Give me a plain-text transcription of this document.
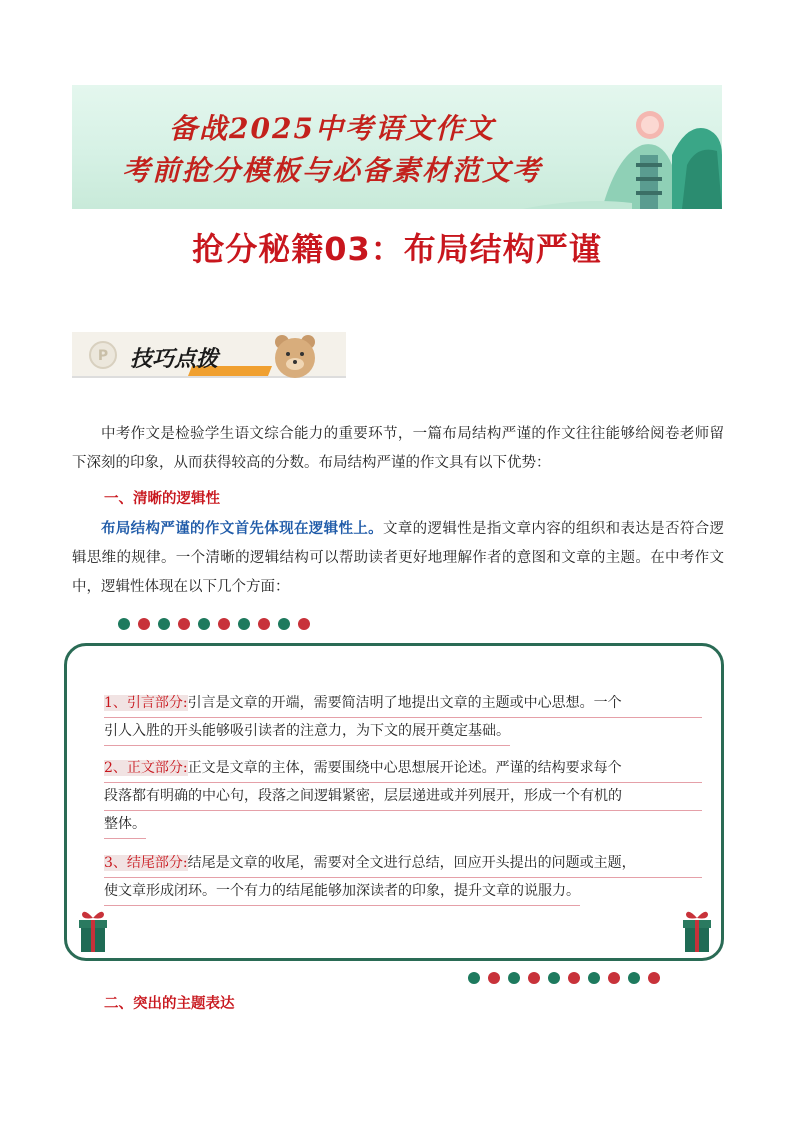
备战2025中考语文作文
考前抢分模板与必备素材范文考
抢分秘籍03：布局结构严谨
P 技巧点拨
中考作文是检验学生语文综合能力的重要环节，一篇布局结构严谨的作文往往能够给阅卷老师留下深刻的印象，从而获得较高的分数。布局结构严谨的作文具有以下优势：
一、清晰的逻辑性
布局结构严谨的作文首先体现在逻辑性上。文章的逻辑性是指文章内容的组织和表达是否符合逻辑思维的规律。一个清晰的逻辑结构可以帮助读者更好地理解作者的意图和文章的主题。在中考作文中，逻辑性体现在以下几个方面：
1、引言部分:引言是文章的开端，需要简洁明了地提出文章的主题或中心思想。一个
引人入胜的开头能够吸引读者的注意力，为下文的展开奠定基础。
2、正文部分:正文是文章的主体，需要围绕中心思想展开论述。严谨的结构要求每个
段落都有明确的中心句，段落之间逻辑紧密，层层递进或并列展开，形成一个有机的
整体。
3、结尾部分:结尾是文章的收尾，需要对全文进行总结，回应开头提出的问题或主题，
使文章形成闭环。一个有力的结尾能够加深读者的印象，提升文章的说服力。
二、突出的主题表达
